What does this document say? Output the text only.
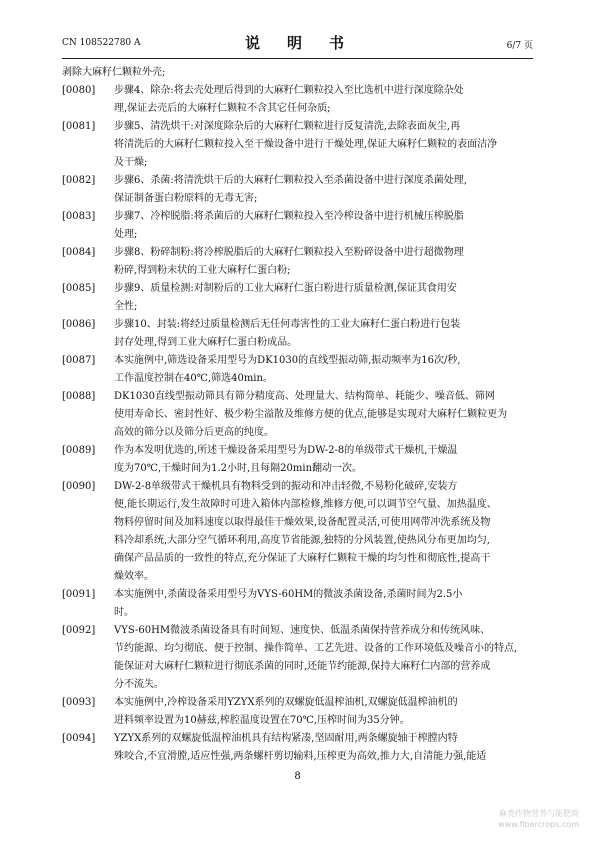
CN 108522780 A	说　明　书	6/7 页
剥除大麻籽仁颗粒外壳;
[0080] 步骤4、除杂:将去壳处理后得到的大麻籽仁颗粒投入至比选机中进行深度除杂处
理,保证去壳后的大麻籽仁颗粒不含其它任何杂质;
[0081] 步骤5、清洗烘干:对深度除杂后的大麻籽仁颗粒进行反复清洗,去除表面灰尘,再
将清洗后的大麻籽仁颗粒投入至干燥设备中进行干燥处理,保证大麻籽仁颗粒的表面洁净
及干燥;
[0082] 步骤6、杀菌:将清洗烘干后的大麻籽仁颗粒投入至杀菌设备中进行深度杀菌处理,
保证制备蛋白粉原料的无毒无害;
[0083] 步骤7、冷榨脱脂:将杀菌后的大麻籽仁颗粒投入至冷榨设备中进行机械压榨脱脂
处理;
[0084] 步骤8、粉碎制粉:将冷榨脱脂后的大麻籽仁颗粒投入至粉碎设备中进行超微物理
粉碎,得到粉末状的工业大麻籽仁蛋白粉;
[0085] 步骤9、质量检测:对制粉后的工业大麻籽仁蛋白粉进行质量检测,保证其食用安
全性;
[0086] 步骤10、封装:将经过质量检测后无任何毒害性的工业大麻籽仁蛋白粉进行包装
封存处理,得到工业大麻籽仁蛋白粉成品。
[0087] 本实施例中,筛选设备采用型号为DK1030的直线型振动筛,振动频率为16次/秒,
工作温度控制在40℃,筛选40min。
[0088] DK1030直线型振动筛具有筛分精度高、处理量大、结构简单、耗能少、噪音低、筛网
使用寿命长、密封性好、极少粉尘溢散及维修方便的优点,能够是实现对大麻籽仁颗粒更为
高效的筛分以及筛分后更高的纯度。
[0089] 作为本发明优选的,所述干燥设备采用型号为DW-2-8的单级带式干燥机,干燥温
度为70℃,干燥时间为1.2小时,且每隔20min翻动一次。
[0090] DW-2-8单级带式干燥机具有物料受到的振动和冲击轻微,不易粉化破碎,安装方
便,能长期运行,发生故障时可进入箱体内部检修,维修方便,可以调节空气量、加热温度、
物料停留时间及加料速度以取得最佳干燥效果,设备配置灵活,可使用网带冲洗系统及物
料冷却系统,大部分空气循环利用,高度节省能源,独特的分风装置,使热风分布更加均匀,
确保产品品质的一致性的特点,充分保证了大麻籽仁颗粒干燥的均匀性和彻底性,提高干
燥效率。
[0091] 本实施例中,杀菌设备采用型号为VYS-60HM的微波杀菌设备,杀菌时间为2.5小
时。
[0092] VYS-60HM微波杀菌设备具有时间短、速度快、低温杀菌保持营养成分和传统风味、
节约能源、均匀彻底、便于控制、操作简单、工艺先进、设备的工作环境低及噪音小的特点,
能保证对大麻籽仁颗粒进行彻底杀菌的同时,还能节约能源,保持大麻籽仁内部的营养成
分不流失。
[0093] 本实施例中,冷榨设备采用YZYX系列的双螺旋低温榨油机,双螺旋低温榨油机的
进料频率设置为10赫兹,榨腔温度设置在70℃,压榨时间为35分钟。
[0094] YZYX系列的双螺旋低温榨油机具有结构紧凑,坚固耐用,两条螺旋轴于榨膛内特
殊咬合,不宜滑膛,适应性强,两条螺杆剪切输料,压榨更为高效,推力大,自清能力强,能适
8
麻类作物营养与能肥阅
www.fibercrops.com
